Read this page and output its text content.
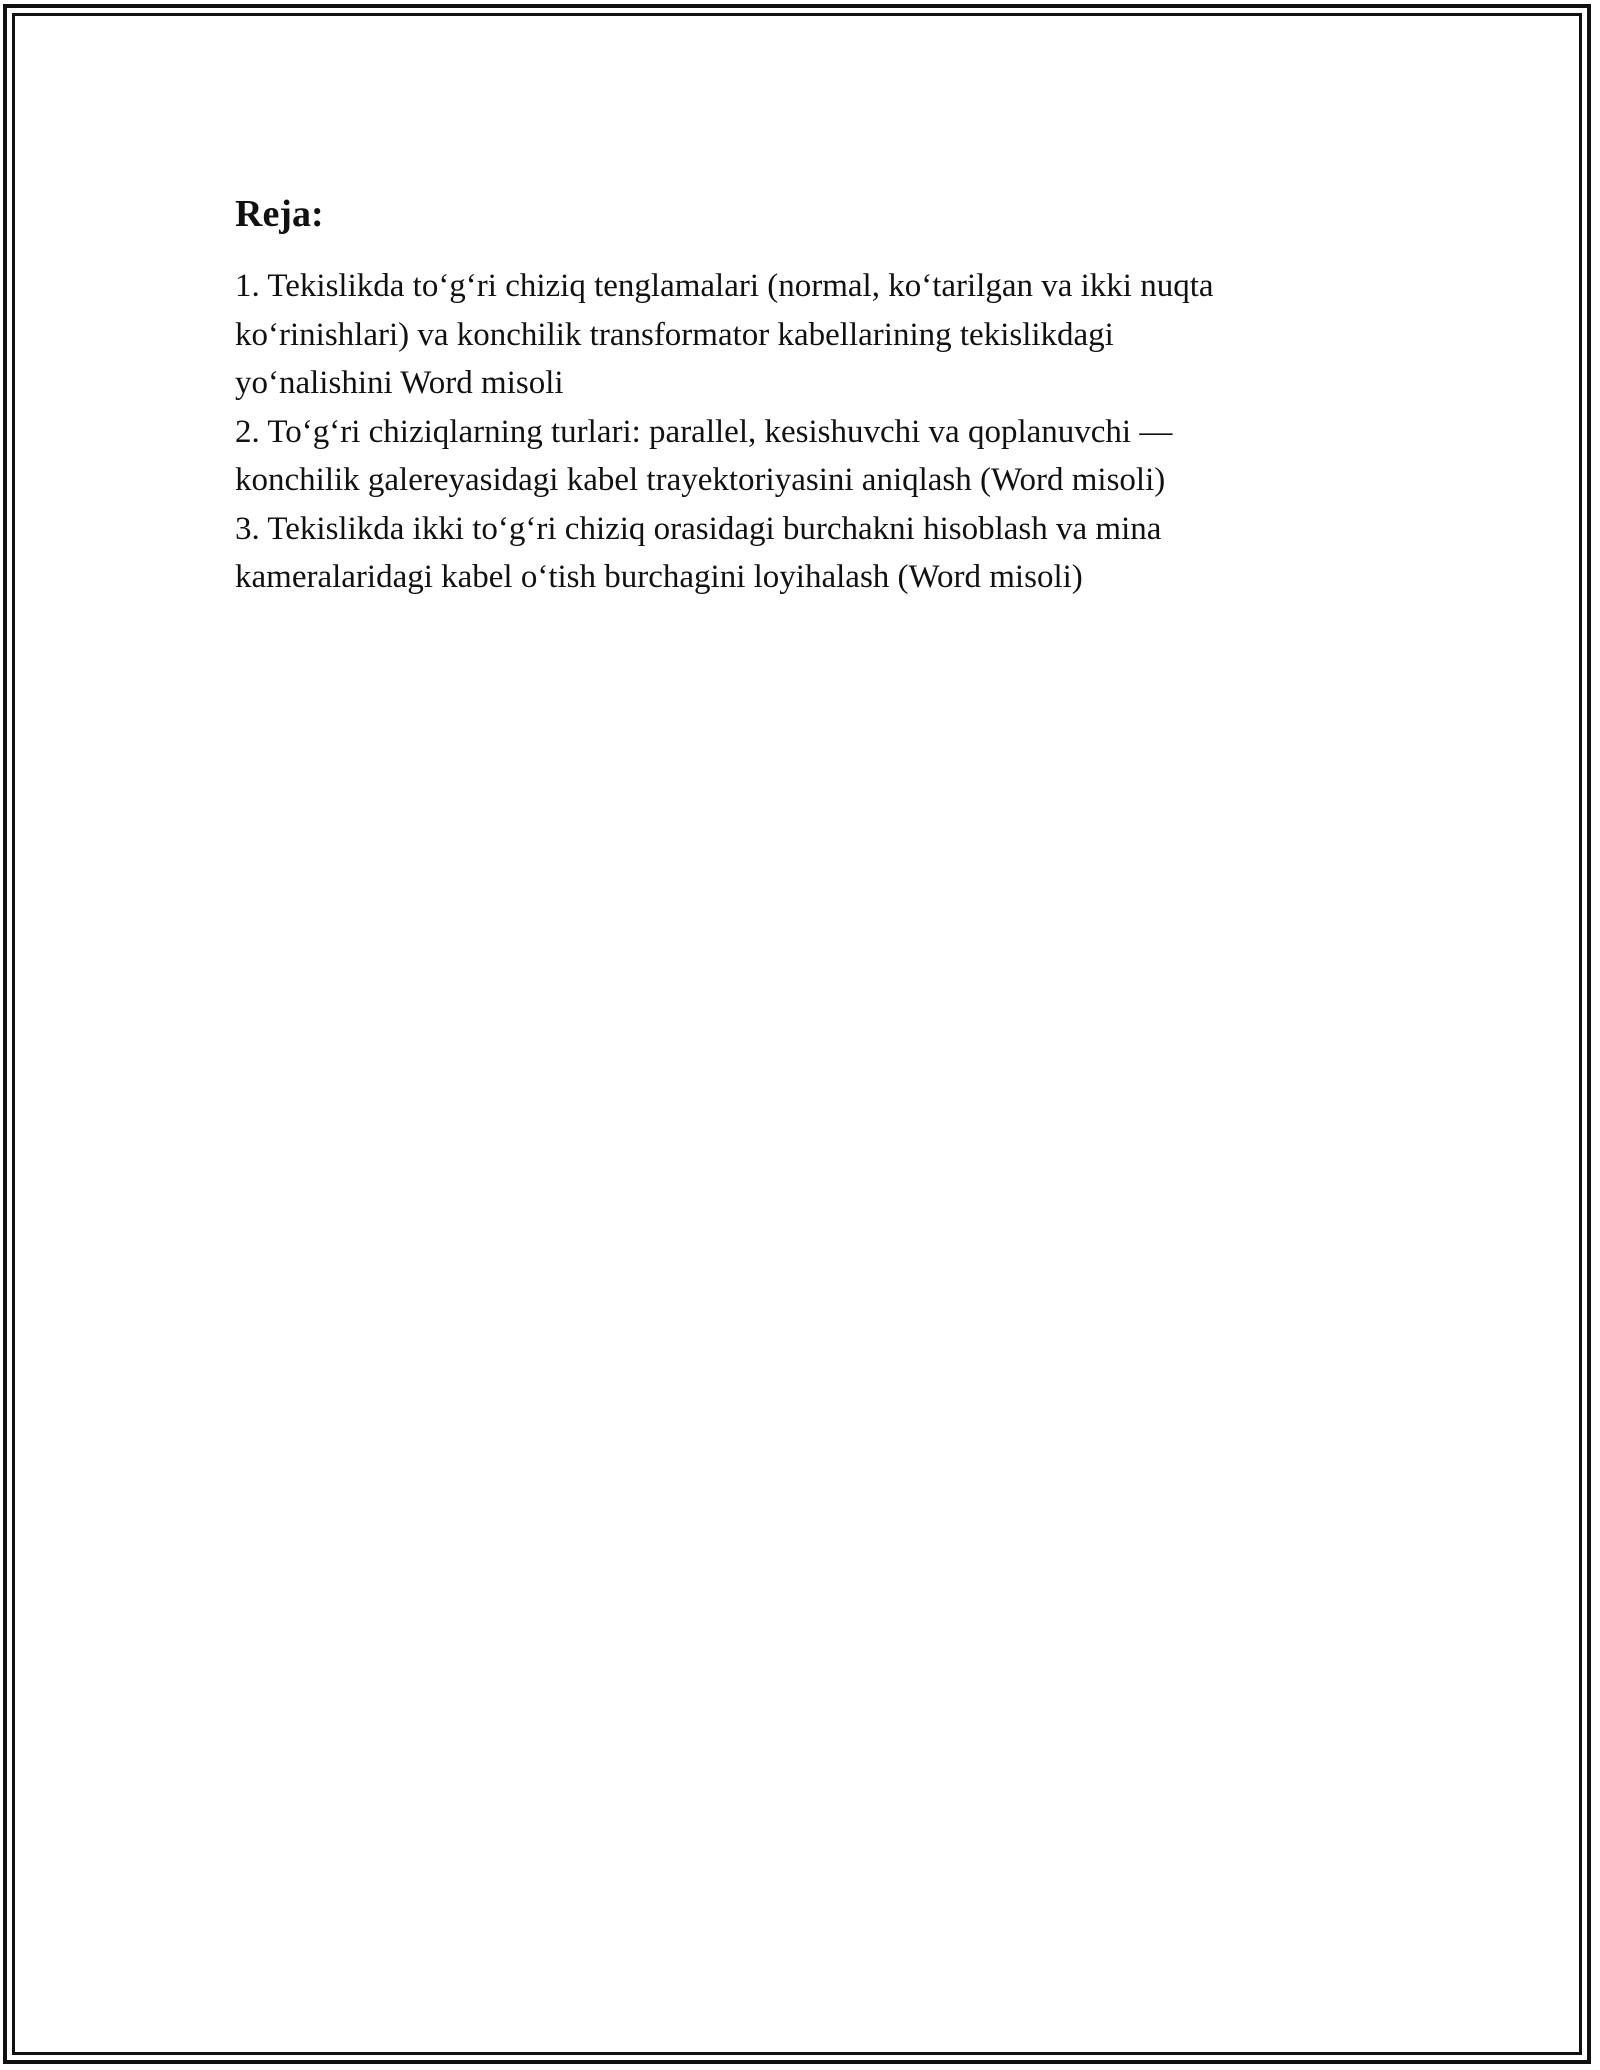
Reja:
1. Tekislikda to‘g‘ri chiziq tenglamalari (normal, ko‘tarilgan va ikki nuqta
ko‘rinishlari) va konchilik transformator kabellarining tekislikdagi
yo‘nalishini Word misoli
2. To‘g‘ri chiziqlarning turlari: parallel, kesishuvchi va qoplanuvchi —
konchilik galereyasidagi kabel trayektoriyasini aniqlash (Word misoli)
3. Tekislikda ikki to‘g‘ri chiziq orasidagi burchakni hisoblash va mina
kameralaridagi kabel o‘tish burchagini loyihalash (Word misoli)
